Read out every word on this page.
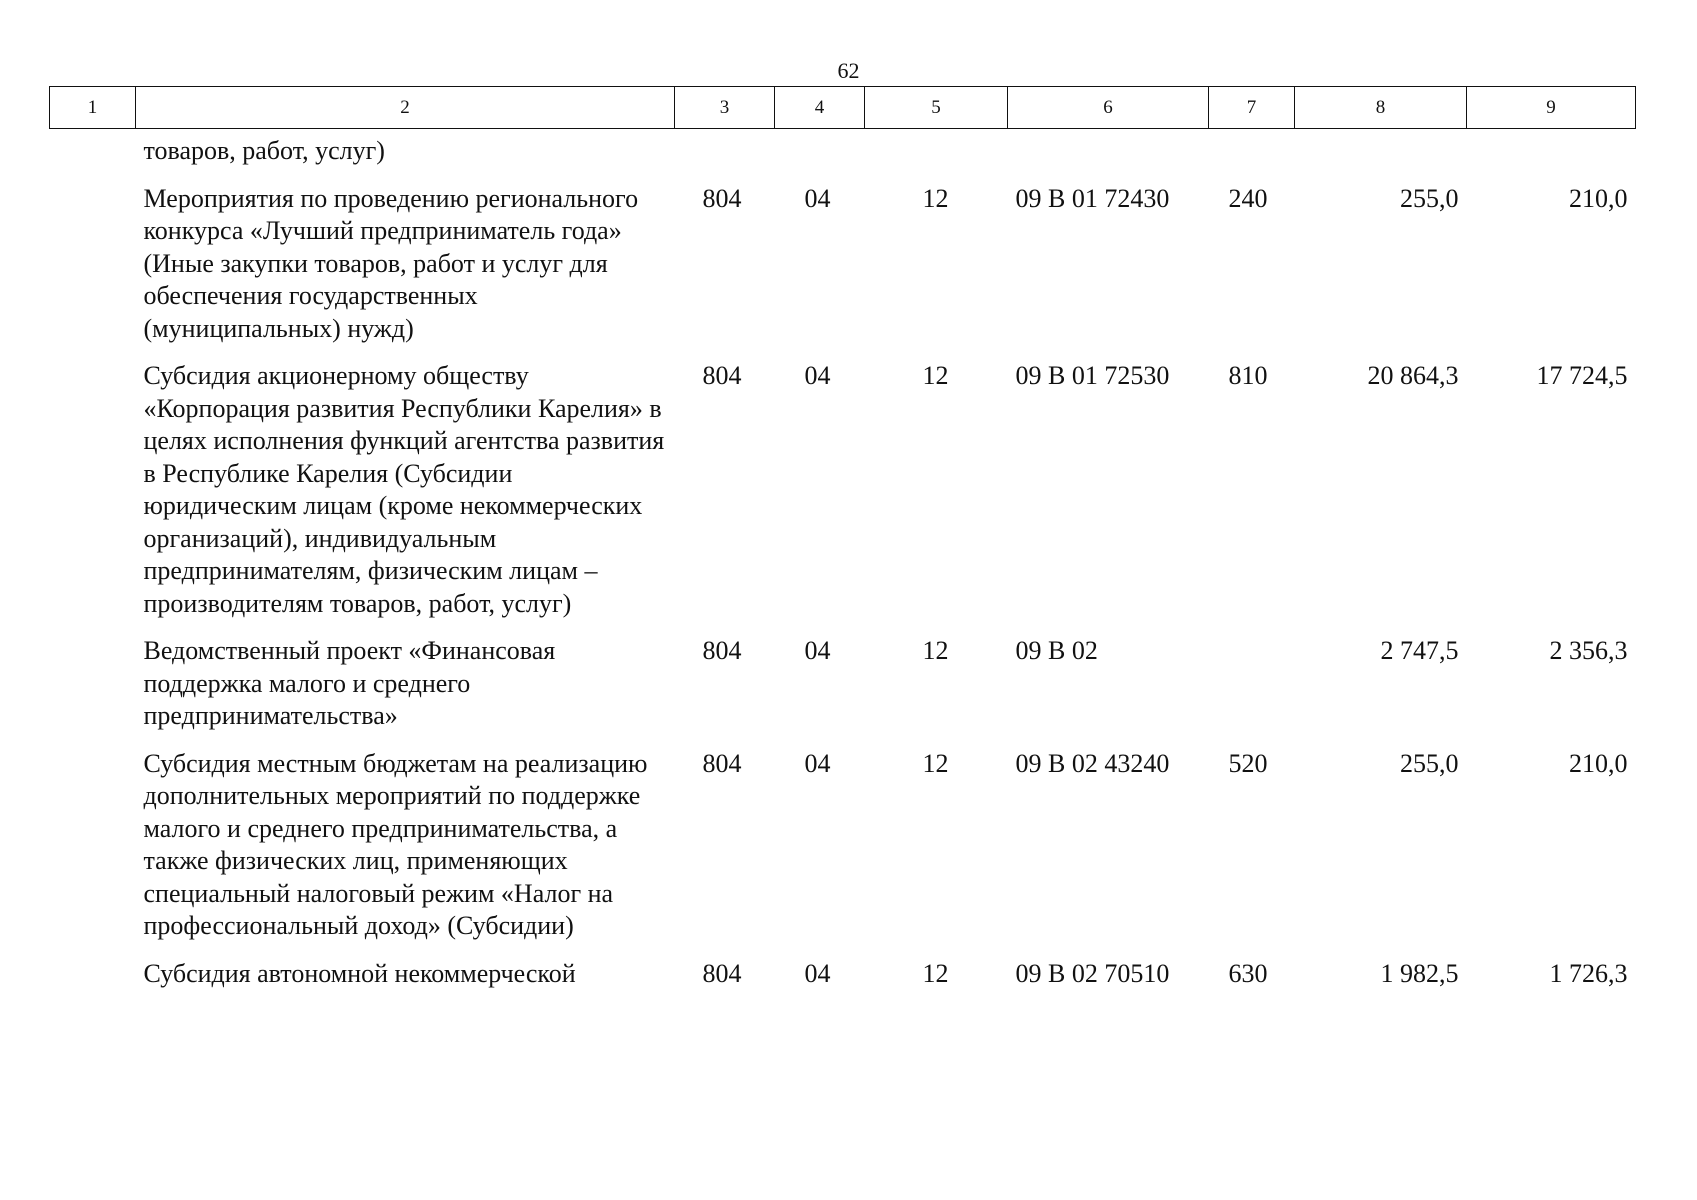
62
1	2	3	4	5	6	7	8	9
	товаров, работ, услуг)							
	Мероприятия по проведению регионального конкурса «Лучший предприниматель года» (Иные закупки товаров, работ и услуг для обеспечения государственных (муниципальных) нужд)	804	04	12	09 В 01 72430	240	255,0	210,0
	Субсидия акционерному обществу «Корпорация развития Республики Карелия» в целях исполнения функций агентства развития в Республике Карелия (Субсидии юридическим лицам (кроме некоммерческих организаций), индивидуальным предпринимателям, физическим лицам – производителям товаров, работ, услуг)	804	04	12	09 В 01 72530	810	20 864,3	17 724,5
	Ведомственный проект «Финансовая поддержка малого и среднего предпринимательства»	804	04	12	09 В 02		2 747,5	2 356,3
	Субсидия местным бюджетам на реализацию дополнительных мероприятий по поддержке малого и среднего предпринимательства, а также физических лиц, применяющих специальный налоговый режим «Налог на профессиональный доход» (Субсидии)	804	04	12	09 В 02 43240	520	255,0	210,0
	Субсидия автономной некоммерческой	804	04	12	09 В 02 70510	630	1 982,5	1 726,3
